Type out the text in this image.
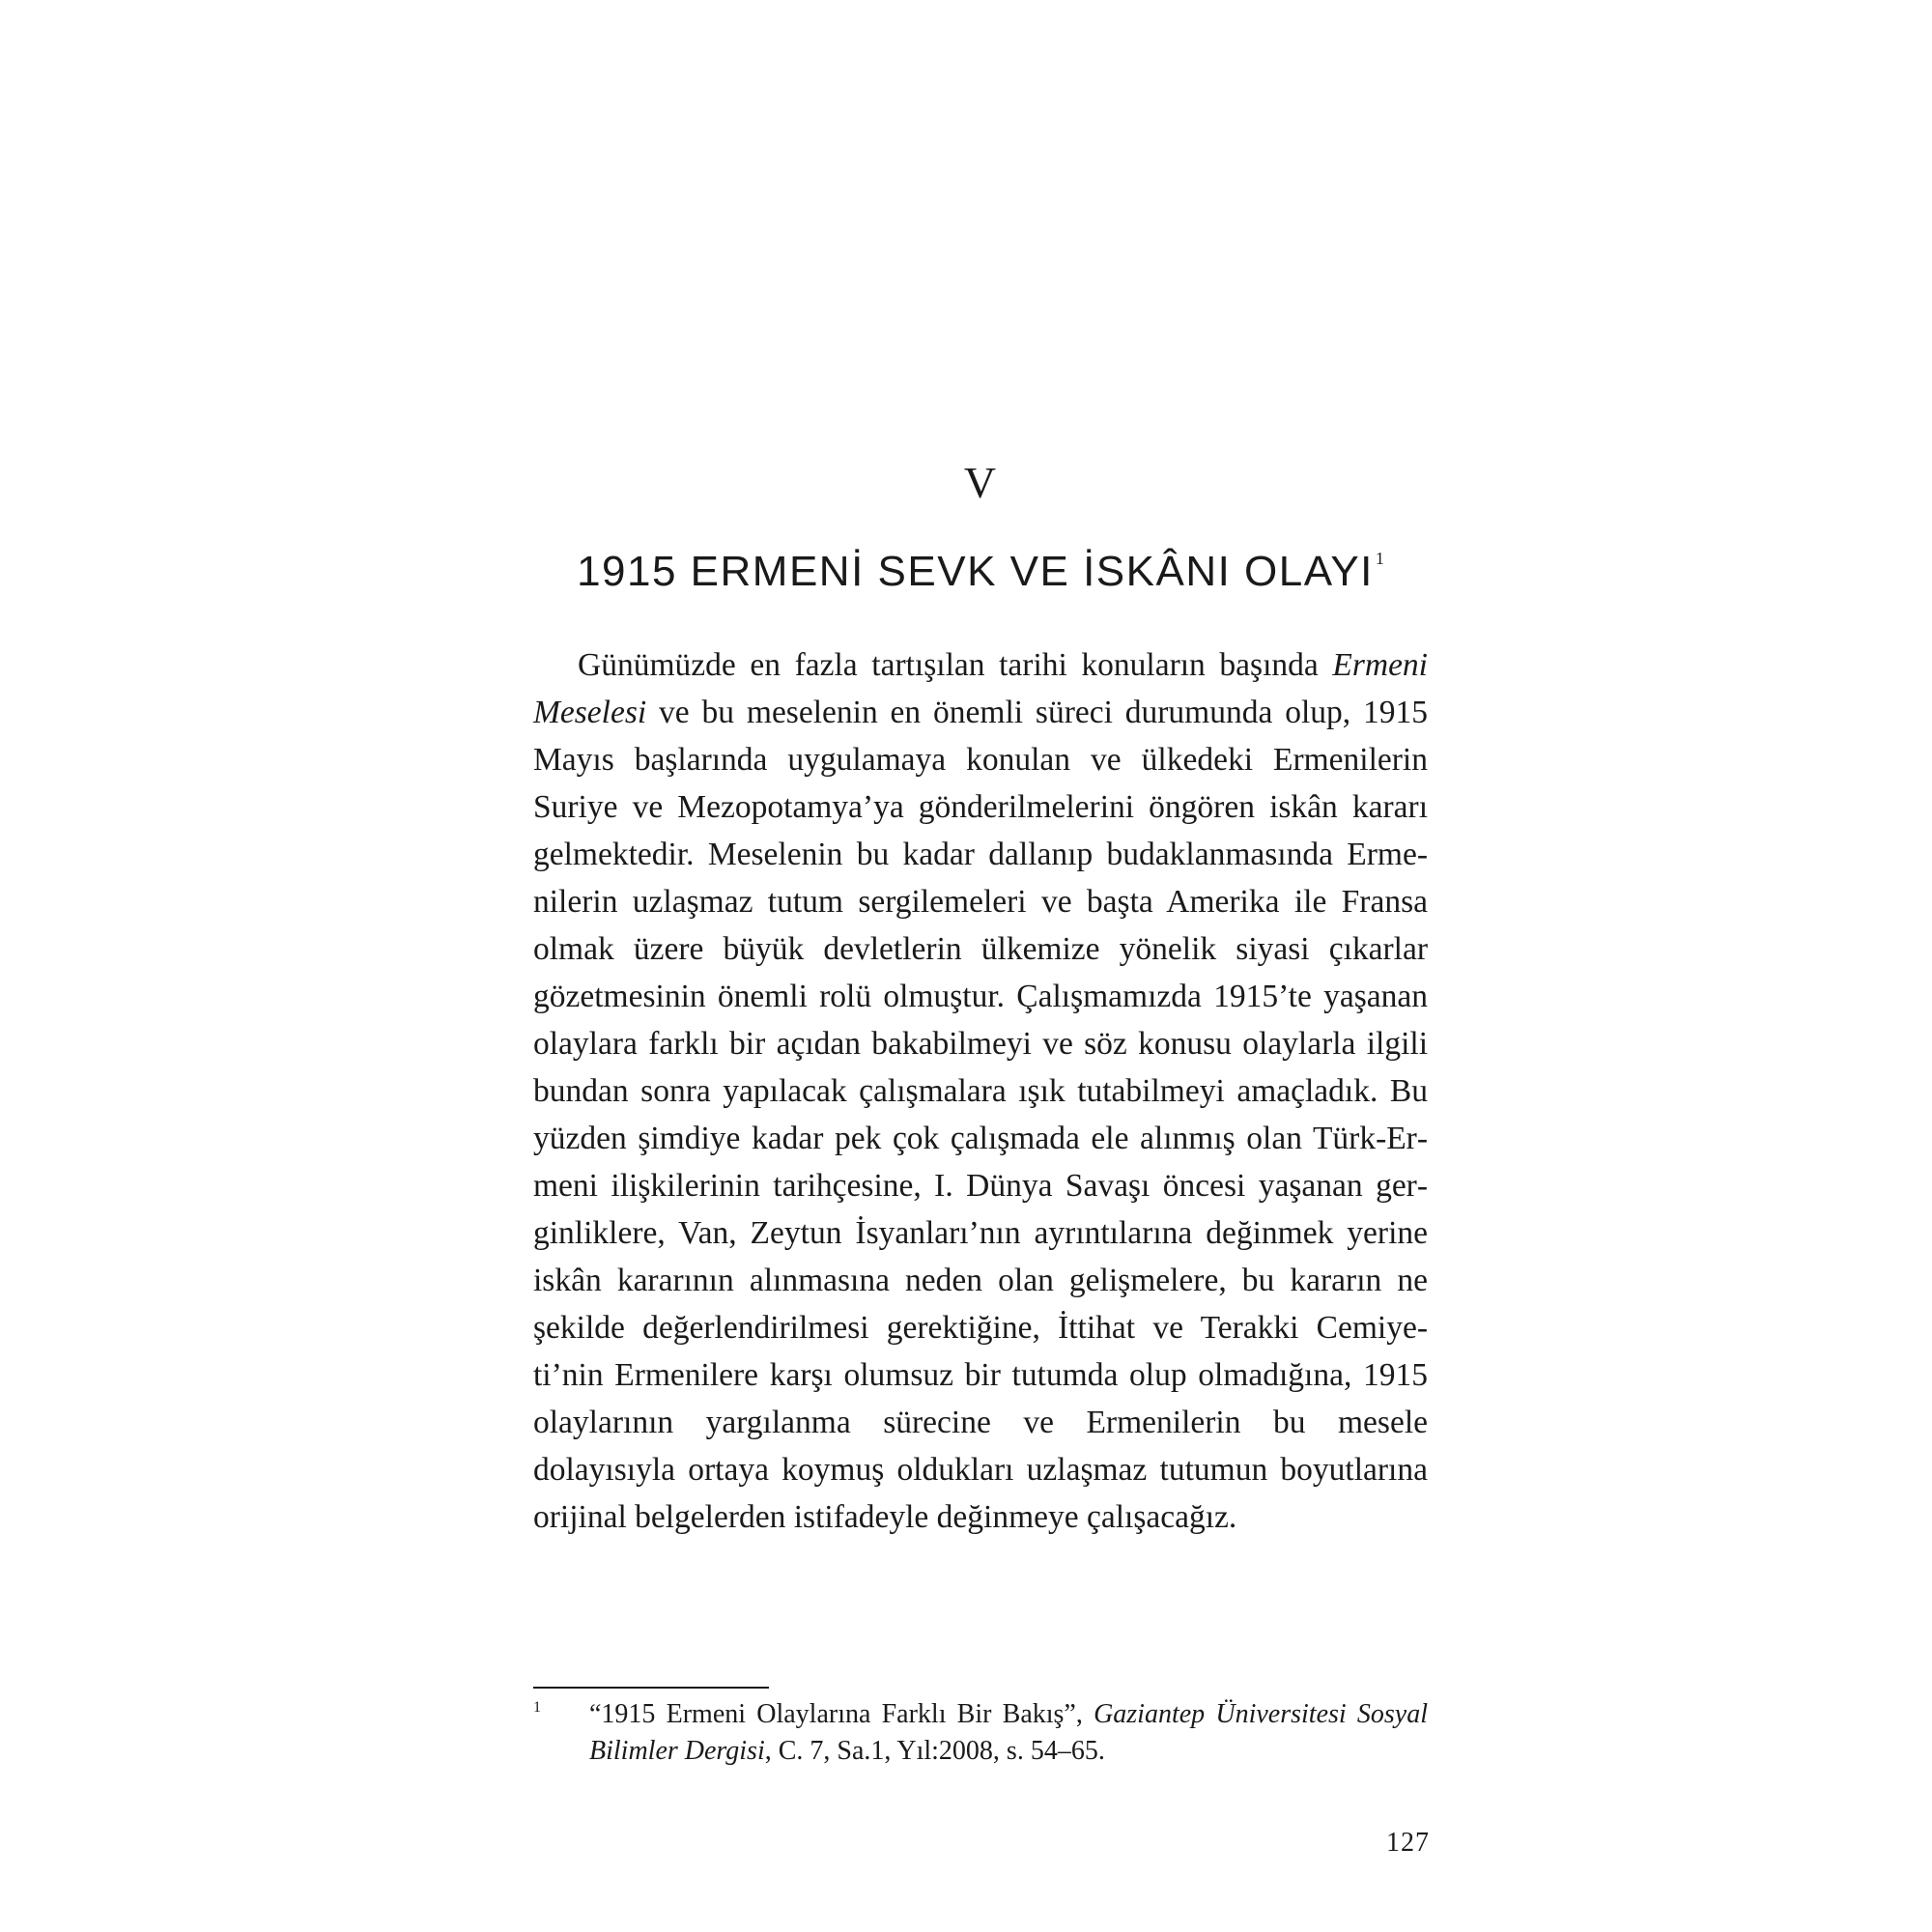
V
1915 ERMENİ SEVK VE İSKÂNI OLAYI $^1$

Günümüzde en fazla tartışılan tarihi konuların başında Ermeni Meselesi ve bu meselenin en önemli süreci durumunda olup, 1915 Mayıs başlarında uygulamaya konulan ve ülkedeki Ermenilerin Suriye ve Mezopotamya’ya gönderilmelerini öngören iskân kararı gelmektedir. Meselenin bu kadar dallanıp budaklanmasında Ermenilerin uzlaşmaz tutum sergilemeleri ve başta Amerika ile Fransa olmak üzere büyük devletlerin ülkemize yönelik siyasi çıkarlar gözetmesinin önemli rolü olmuştur. Çalışmamızda 1915’te yaşanan olaylara farklı bir açıdan bakabilmeyi ve söz konusu olaylarla ilgili bundan sonra yapılacak çalışmalara ışık tutabilmeyi amaçladık. Bu yüzden şimdiye kadar pek çok çalışmada ele alınmış olan Türk-Ermeni ilişkilerinin tarihçesine, I. Dünya Savaşı öncesi yaşanan gerginliklere, Van, Zeytun İsyanları’nın ayrıntılarına değinmek yerine iskân kararının alınmasına neden olan gelişmelere, bu kararın ne şekilde değerlendirilmesi gerektiğine, İttihat ve Terakki Cemiyeti’nin Ermenilere karşı olumsuz bir tutumda olup olmadığına, 1915 olaylarının yargılanma sürecine ve Ermenilerin bu mesele dolayısıyla ortaya koymuş oldukları uzlaşmaz tutumun boyutlarına orijinal belgelerden istifadeyle değinmeye çalışacağız.

1 “1915 Ermeni Olaylarına Farklı Bir Bakış”, Gaziantep Üniversitesi Sosyal Bilimler Dergisi, C. 7, Sa.1, Yıl:2008, s. 54–65.
127
